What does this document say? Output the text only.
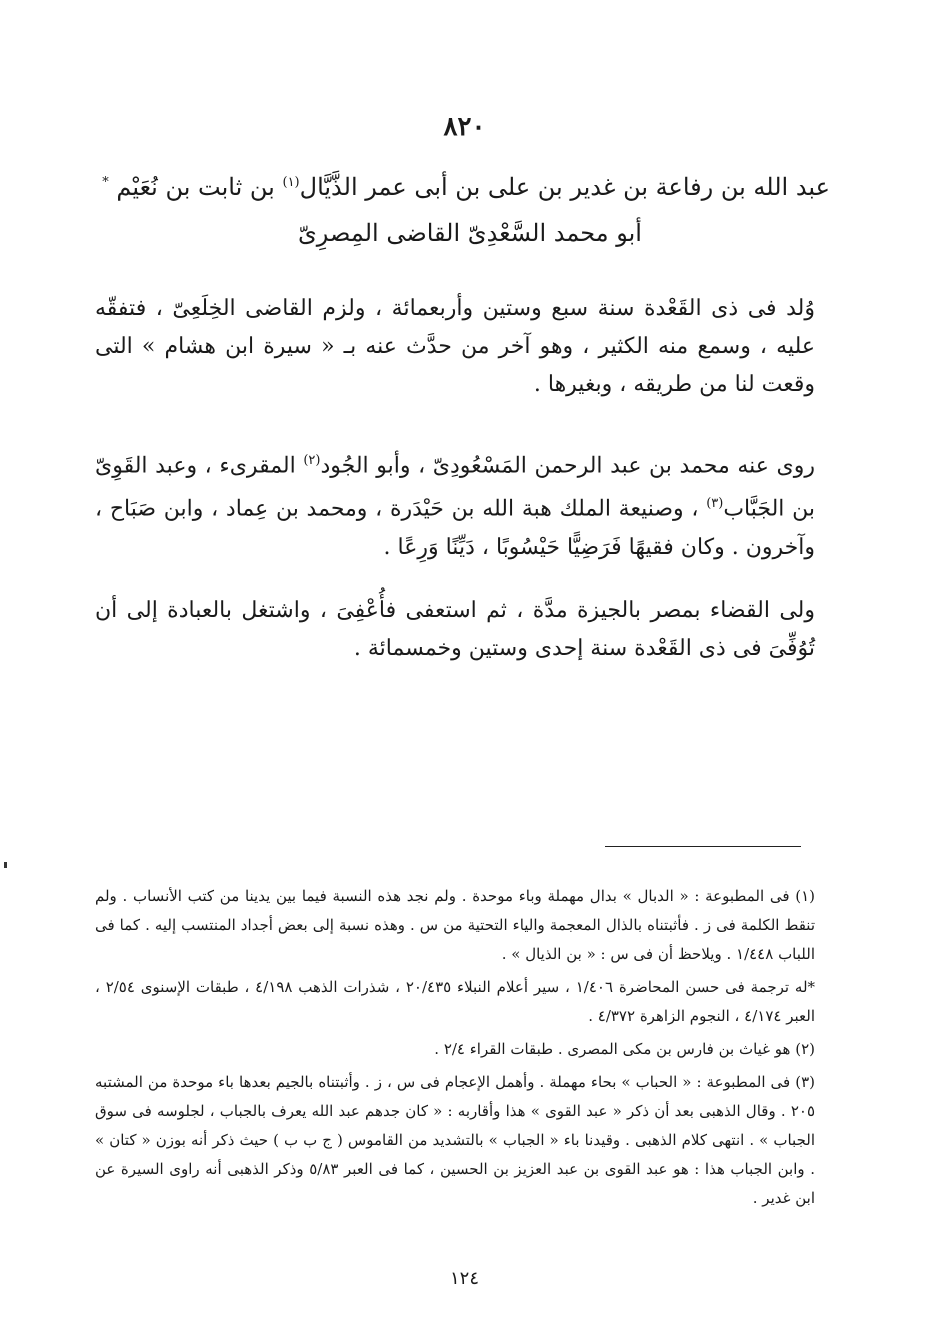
٨٢٠

عبد الله بن رفاعة بن غدير بن على بن أبى عمر الذَّيَّال$^{(١)}$ بن ثابت بن نُعَيْم *

أبو محمد السَّعْدِىّ القاضى المِصرِىّ

وُلد فى ذى القَعْدة سنة سبع وستين وأربعمائة ، ولزم القاضى الخِلَعِىّ ، فتفقّه عليه ، وسمع منه الكثير ، وهو آخر من حدَّث عنه بـ « سيرة ابن هشام » التى وقعت لنا من طريقه ، وبغيرها .

روى عنه محمد بن عبد الرحمن المَسْعُودِىّ ، وأبو الجُود$^{(٢)}$ المقرىء ، وعبد القَوِىّ بن الجَبَّاب$^{(٣)}$ ، وصنيعة الملك هبة الله بن حَيْدَرة ، ومحمد بن عِماد ، وابن صَبَاح ، وآخرون . وكان فقيهًا فَرَضِيًّا حَيْسُوبًا ، دَيِّنًا وَرِعًا .

ولى القضاء بمصر بالجيزة مدَّة ، ثم استعفى فأُعْفِىَ ، واشتغل بالعبادة إلى أن تُوُفِّىَ فى ذى القَعْدة سنة إحدى وستين وخمسمائة .

(١) فى المطبوعة : « الدبال » بدال مهملة وباء موحدة . ولم نجد هذه النسبة فيما بين يدينا من كتب الأنساب . ولم تنقط الكلمة فى ز . فأثبتناه بالذال المعجمة والياء التحتية من س . وهذه نسبة إلى بعض أجداد المنتسب إليه . كما فى اللباب ١/٤٤٨ . ويلاحظ أن فى س : « بن الذيال » .

*له ترجمة فى حسن المحاضرة ١/٤٠٦ ، سير أعلام النبلاء ٢٠/٤٣٥ ، شذرات الذهب ٤/١٩٨ ، طبقات الإسنوى ٢/٥٤ ، العبر ٤/١٧٤ ، النجوم الزاهرة ٤/٣٧٢ .

(٢) هو غياث بن فارس بن مكى المصرى . طبقات القراء ٢/٤ .

(٣) فى المطبوعة : « الحباب » بحاء مهملة . وأهمل الإعجام فى س ، ز . وأثبتناه بالجيم بعدها باء موحدة من المشتبه ٢٠٥ . وقال الذهبى بعد أن ذكر « عبد القوى » هذا وأقاربه : « كان جدهم عبد الله يعرف بالجباب ، لجلوسه فى سوق الجباب » . انتهى كلام الذهبى . وقيدنا باء « الجباب » بالتشديد من القاموس ( ج ب ب ) حيث ذكر أنه بوزن « كتان » . وابن الجباب هذا : هو عبد القوى بن عبد العزيز بن الحسين ، كما فى العبر ٥/٨٣ وذكر الذهبى أنه راوى السيرة عن ابن غدير .

١٢٤
